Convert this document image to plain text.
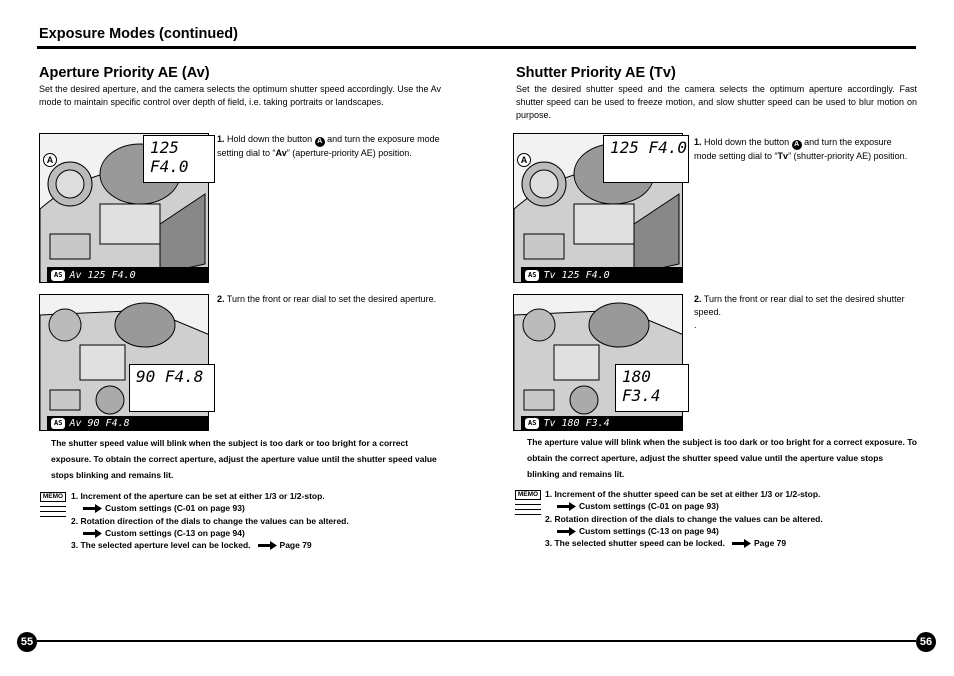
Exposure Modes (continued)
Aperture Priority AE (Av)
Set the desired aperture, and the camera selects the optimum shutter speed accordingly. Use the Av mode to maintain specific control over depth of field, i.e. taking portraits or landscapes.
A
125 F4.0
AS Av 125 F4.0
1. Hold down the button A and turn the exposure mode setting dial to “Av” (aperture-priority AE) position.
90 F4.8
AS Av 90 F4.8
2. Turn the front or rear dial to set the desired aperture.
The shutter speed value will blink when the subject is too dark or too bright for a correct exposure. To obtain the correct aperture, adjust the aperture value until the shutter speed value stops blinking and remains lit.
MEMO 1. Increment of the aperture can be set at either 1/3 or 1/2-stop.
Custom settings (C-01 on page 93)
2. Rotation direction of the dials to change the values can be altered.
Custom settings (C-13 on page 94)
3. The selected aperture level can be locked.	Page 79
Shutter Priority AE (Tv)
Set the desired shutter speed and the camera selects the optimum aperture accordingly. Fast shutter speed can be used to freeze motion, and slow shutter speed can be used to blur motion on purpose.
A
125 F4.0
AS Tv 125 F4.0
1. Hold down the button A and turn the exposure mode setting dial to “Tv” (shutter-priority AE) position.
180 F3.4
AS Tv 180 F3.4
2. Turn the front or rear dial to set the desired shutter speed.
.
The aperture value will blink when the subject is too dark or too bright for a correct exposure. To obtain the correct aperture, adjust the shutter speed value until the aperture value stops blinking and remains lit.
MEMO 1. Increment of the shutter speed can be set at either 1/3 or 1/2-stop.
Custom settings (C-01 on page 93)
2. Rotation direction of the dials to change the values can be altered.
Custom settings (C-13 on page 94)
3. The selected shutter speed can be locked.	Page 79
55	56
